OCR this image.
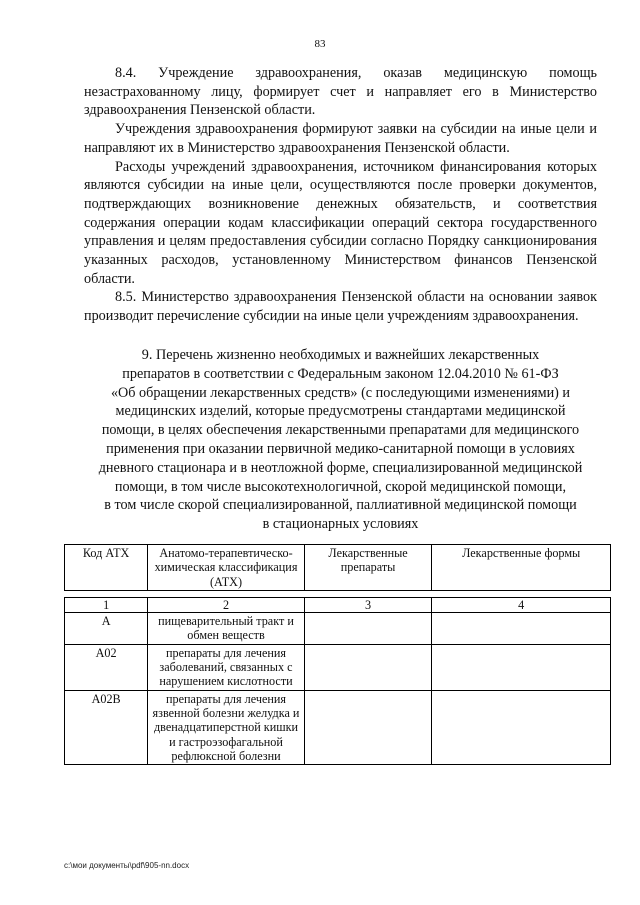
83

8.4. Учреждение здравоохранения, оказав медицинскую помощь незастрахованному лицу, формирует счет и направляет его в Министерство здравоохранения Пензенской области.

Учреждения здравоохранения формируют заявки на субсидии на иные цели и направляют их в Министерство здравоохранения Пензенской области.

Расходы учреждений здравоохранения, источником финансирования которых являются субсидии на иные цели, осуществляются после проверки документов, подтверждающих возникновение денежных обязательств, и соответствия содержания операции кодам классификации операций сектора государственного управления и целям предоставления субсидии согласно Порядку санкционирования указанных расходов, установленному Министерством финансов Пензенской области.

8.5. Министерство здравоохранения Пензенской области на основании заявок производит перечисление субсидии на иные цели учреждениям здравоохранения.

9. Перечень жизненно необходимых и важнейших лекарственных
препаратов в соответствии с Федеральным законом 12.04.2010 № 61-ФЗ
«Об обращении лекарственных средств» (с последующими изменениями) и
медицинских изделий, которые предусмотрены стандартами медицинской
помощи, в целях обеспечения лекарственными препаратами для медицинского
применения при оказании первичной медико-санитарной помощи в условиях
дневного стационара и в неотложной форме, специализированной медицинской
помощи, в том числе высокотехнологичной, скорой медицинской помощи,
в том числе скорой специализированной, паллиативной медицинской помощи
в стационарных условиях
Код АТХ	Анатомо-терапевтическо-химическая классификация (АТХ)	Лекарственные препараты	Лекарственные формы

1	2	3	4
А	пищеварительный тракт и обмен веществ		
А02	препараты для лечения заболеваний, связанных с нарушением кислотности		
А02В	препараты для лечения язвенной болезни желудка и двенадцатиперстной кишки и гастроэзофагальной рефлюксной болезни		
c:\мои документы\pdf\905-nn.docx
